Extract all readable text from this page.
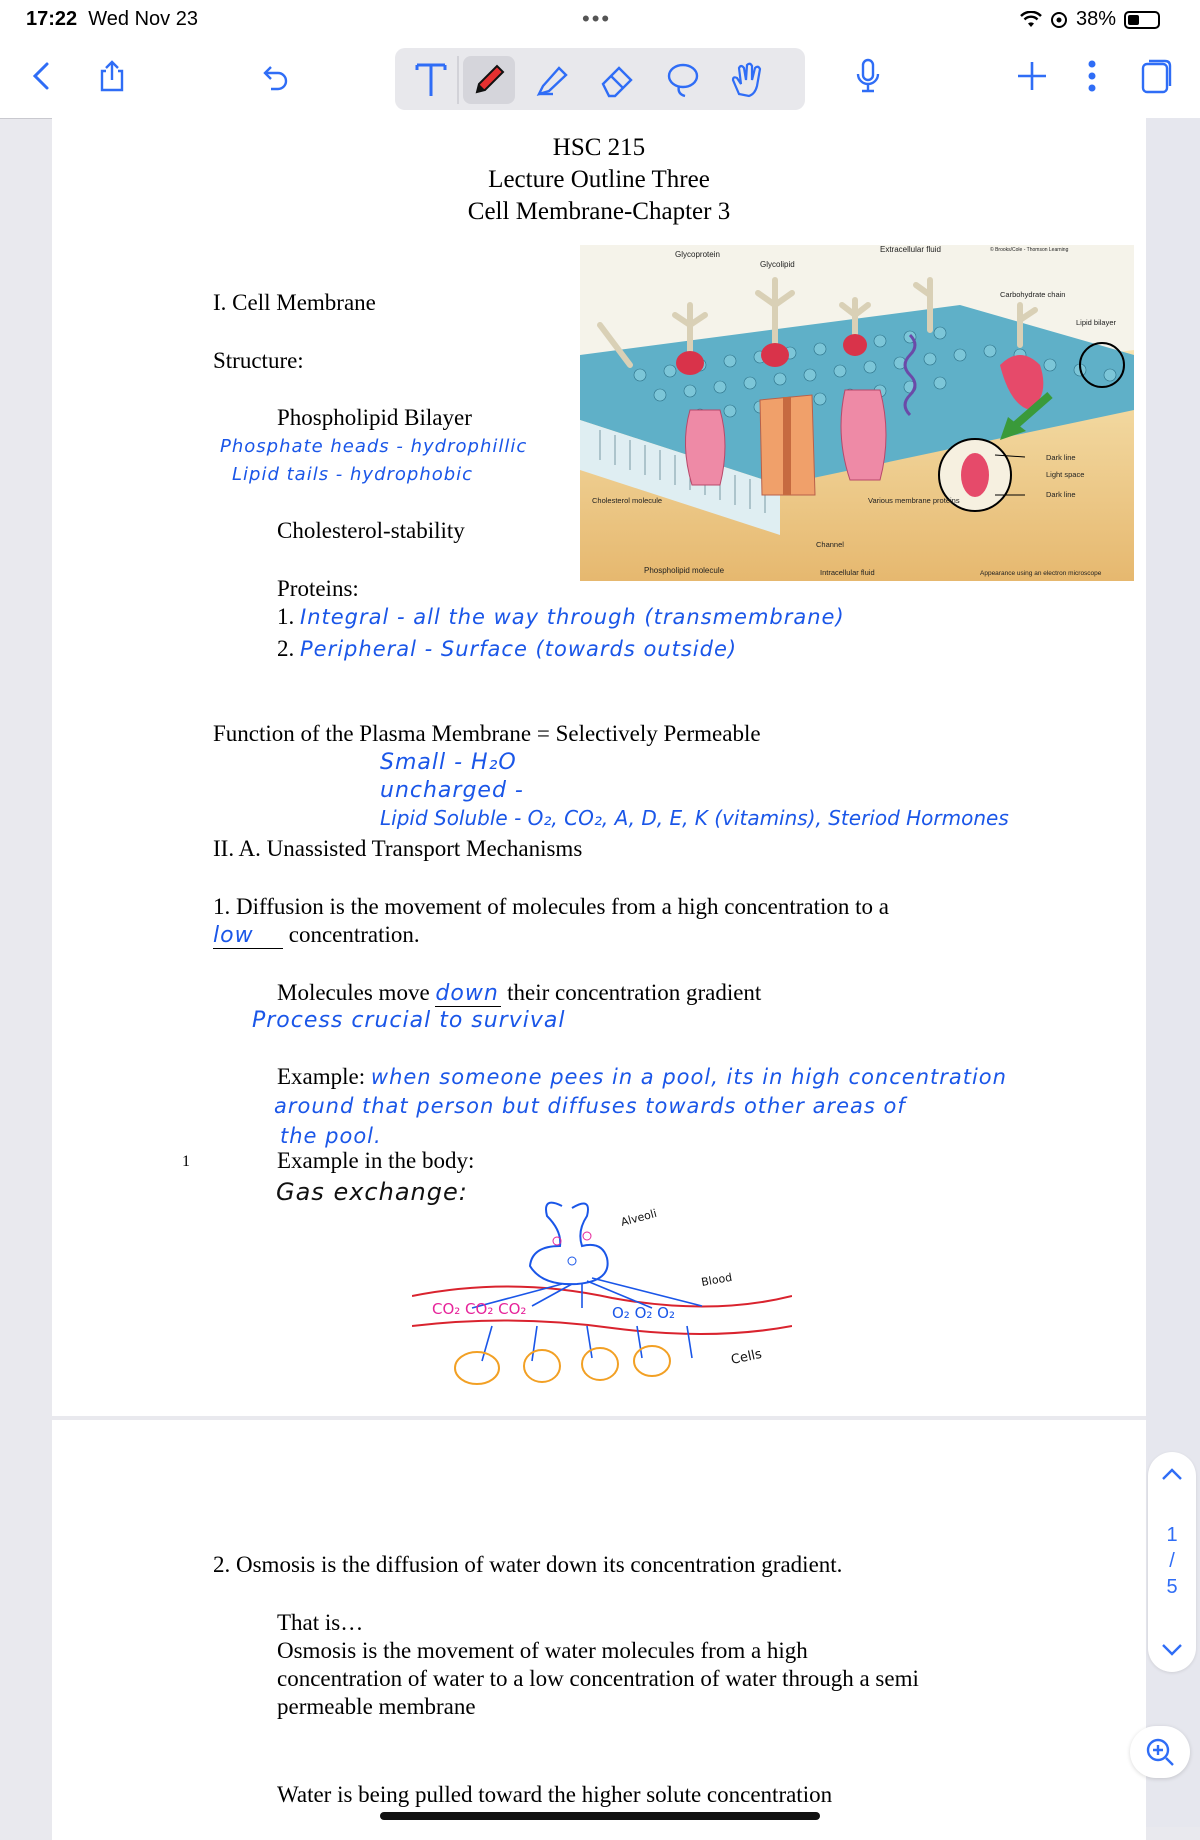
17:22 Wed Nov 23	•••	38%
HSC 215
Lecture Outline Three
Cell Membrane-Chapter 3
Glycoprotein
Glycolipid
Extracellular fluid	© Brooks/Cole - Thomson Learning
Carbohydrate chain
Lipid bilayer
Cholesterol molecule	Various membrane proteins
Channel
Phospholipid molecule	Intracellular fluid
Dark line
Light space
Dark line
Appearance using an electron microscope
I. Cell Membrane
Structure:
Phospholipid Bilayer
Phosphate heads - hydrophillic
Lipid tails - hydrophobic
Cholesterol-stability
Proteins:
1. Integral - all the way through (transmembrane)
2. Peripheral - Surface (towards outside)
Function of the Plasma Membrane = Selectively Permeable
Small - H₂O
uncharged -
Lipid Soluble - O₂, CO₂, A, D, E, K (vitamins), Steriod Hormones
II. A. Unassisted Transport Mechanisms
1. Diffusion is the movement of molecules from a high concentration to a
low concentration.
Molecules move down their concentration gradient
Process crucial to survival
Example: when someone pees in a pool, its in high concentration
around that person but diffuses towards other areas of
the pool.
Example in the body:
Gas exchange:
CO₂ CO₂ CO₂	O₂ O₂ O₂
Alveoli
Blood
Cells
1
2. Osmosis is the diffusion of water down its concentration gradient.
That is…
Osmosis is the movement of water molecules from a high
concentration of water to a low concentration of water through a semi
permeable membrane
Water is being pulled toward the higher solute concentration
1
/
5
